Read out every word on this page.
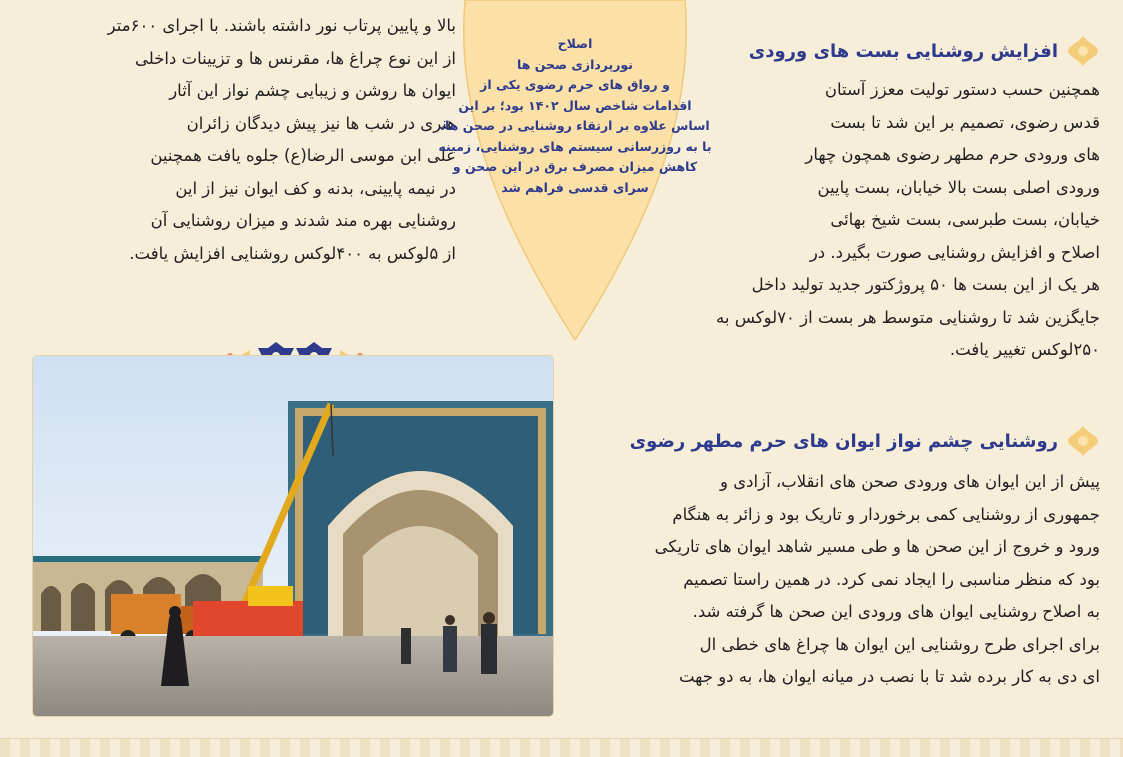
بالا و پایین پرتاب نور داشته باشند. با اجرای ۶۰۰متر

از این نوع چراغ ها، مقرنس ها و تزیینات داخلی

ایوان ها روشن و زیبایی چشم نواز این آثار

هنری در شب ها نیز پیش دیدگان زائران

علی ابن موسی الرضا(ع) جلوه یافت همچنین

در نیمه پایینی، بدنه و کف ایوان نیز از این

روشنایی بهره مند شدند و میزان روشنایی آن

از ۵لوکس به ۴۰۰لوکس روشنایی افزایش یافت.

اصلاح

نورپردازی صحن ها

و رواق های حرم رضوی یکی از

اقدامات شاخص سال ۱۴۰۲ بود؛ بر این

اساس علاوه بر ارتقاء روشنایی در صحن ها،

با به روزرسانی سیستم های روشنایی، زمینه

کاهش میزان مصرف برق در این صحن و

سرای قدسی فراهم شد

افزایش روشنایی بست های ورودی

همچنین حسب دستور تولیت معزز آستان

قدس رضوی، تصمیم بر این شد تا بست

های ورودی حرم مطهر رضوی همچون چهار

ورودی اصلی بست بالا خیابان، بست پایین

خیابان، بست طبرسی، بست شیخ بهائی

اصلاح و افزایش روشنایی صورت بگیرد. در

هر یک از این بست ها ۵۰ پروژکتور جدید تولید داخل

جایگزین شد تا روشنایی متوسط هر بست از ۷۰لوکس به

۲۵۰لوکس تغییر یافت.

روشنایی چشم نواز ایوان های حرم مطهر رضوی

پیش از این ایوان های ورودی صحن های انقلاب، آزادی و

جمهوری از روشنایی کمی برخوردار و تاریک بود و زائر به هنگام

ورود و خروج از این صحن ها و طی مسیر شاهد ایوان های تاریکی

بود که منظر مناسبی را ایجاد نمی کرد. در همین راستا تصمیم

به اصلاح روشنایی ایوان های ورودی این صحن ها گرفته شد.

برای اجرای طرح روشنایی این ایوان ها چراغ های خطی ال

ای دی به کار برده شد تا با نصب در میانه ایوان ها، به دو جهت
